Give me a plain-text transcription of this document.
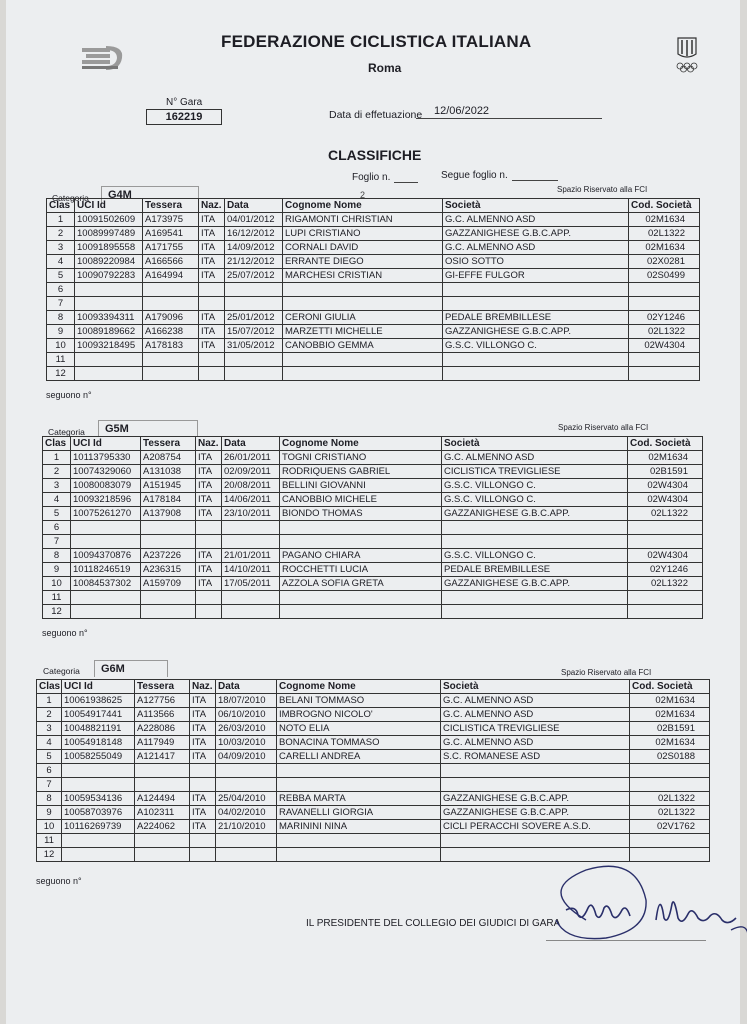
FEDERAZIONE CICLISTICA ITALIANA
Roma
N° Gara
162219	Data di effetuazione 12/06/2022
CLASSIFICHE
Foglio n.	Segue foglio n.
Categoria	G4M	2
Spazio Riservato alla FCI
Clas	UCI Id	Tessera	Naz.	Data	Cognome Nome	Società	Cod. Società
1	10091502609	A173975	ITA	04/01/2012	RIGAMONTI CHRISTIAN	G.C. ALMENNO ASD	02M1634
2	10089997489	A169541	ITA	16/12/2012	LUPI CRISTIANO	GAZZANIGHESE G.B.C.APP.	02L1322
3	10091895558	A171755	ITA	14/09/2012	CORNALI DAVID	G.C. ALMENNO ASD	02M1634
4	10089220984	A166566	ITA	21/12/2012	ERRANTE DIEGO	OSIO SOTTO	02X0281
5	10090792283	A164994	ITA	25/07/2012	MARCHESI CRISTIAN	GI-EFFE FULGOR	02S0499
6							
7							
8	10093394311	A179096	ITA	25/01/2012	CERONI GIULIA	PEDALE BREMBILLESE	02Y1246
9	10089189662	A166238	ITA	15/07/2012	MARZETTI MICHELLE	GAZZANIGHESE G.B.C.APP.	02L1322
10	10093218495	A178183	ITA	31/05/2012	CANOBBIO GEMMA	G.S.C. VILLONGO C.	02W4304
11							
12							
seguono n°
Categoria	G5M	Spazio Riservato alla FCI
Clas	UCI Id	Tessera	Naz.	Data	Cognome Nome	Società	Cod. Società
1	10113795330	A208754	ITA	26/01/2011	TOGNI CRISTIANO	G.C. ALMENNO ASD	02M1634
2	10074329060	A131038	ITA	02/09/2011	RODRIQUENS GABRIEL	CICLISTICA TREVIGLIESE	02B1591
3	10080083079	A151945	ITA	20/08/2011	BELLINI GIOVANNI	G.S.C. VILLONGO C.	02W4304
4	10093218596	A178184	ITA	14/06/2011	CANOBBIO MICHELE	G.S.C. VILLONGO C.	02W4304
5	10075261270	A137908	ITA	23/10/2011	BIONDO THOMAS	GAZZANIGHESE G.B.C.APP.	02L1322
6							
7							
8	10094370876	A237226	ITA	21/01/2011	PAGANO CHIARA	G.S.C. VILLONGO C.	02W4304
9	10118246519	A236315	ITA	14/10/2011	ROCCHETTI LUCIA	PEDALE BREMBILLESE	02Y1246
10	10084537302	A159709	ITA	17/05/2011	AZZOLA SOFIA GRETA	GAZZANIGHESE G.B.C.APP.	02L1322
11							
12							
seguono n°
Categoria	G6M	Spazio Riservato alla FCI
Clas	UCI Id	Tessera	Naz.	Data	Cognome Nome	Società	Cod. Società
1	10061938625	A127756	ITA	18/07/2010	BELANI TOMMASO	G.C. ALMENNO ASD	02M1634
2	10054917441	A113566	ITA	06/10/2010	IMBROGNO NICOLO'	G.C. ALMENNO ASD	02M1634
3	10048821191	A228086	ITA	26/03/2010	NOTO ELIA	CICLISTICA TREVIGLIESE	02B1591
4	10054918148	A117949	ITA	10/03/2010	BONACINA TOMMASO	G.C. ALMENNO ASD	02M1634
5	10058255049	A121417	ITA	04/09/2010	CARELLI ANDREA	S.C. ROMANESE ASD	02S0188
6							
7							
8	10059534136	A124494	ITA	25/04/2010	REBBA MARTA	GAZZANIGHESE G.B.C.APP.	02L1322
9	10058703976	A102311	ITA	04/02/2010	RAVANELLI GIORGIA	GAZZANIGHESE G.B.C.APP.	02L1322
10	10116269739	A224062	ITA	21/10/2010	MARININI NINA	CICLI PERACCHI SOVERE A.S.D.	02V1762
11							
12							
seguono n°
IL PRESIDENTE DEL COLLEGIO DEI GIUDICI DI GARA
